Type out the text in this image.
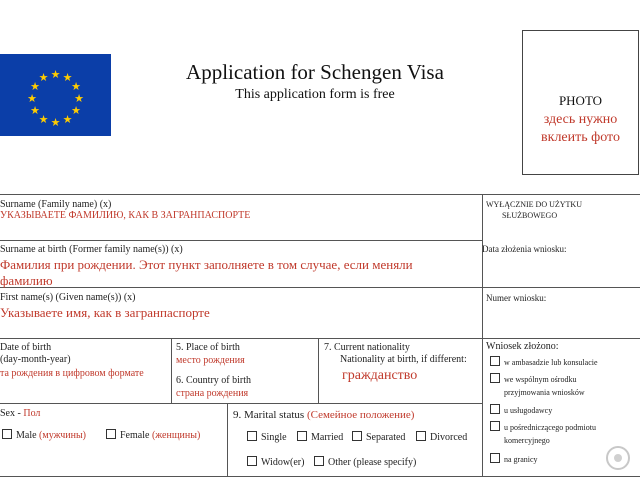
★ ★
★
★
★
★
★
★
★
★
★
★	Application for Schengen Visa
This application form is free	PHOTO
здесь нужно
вклеить фото
Surname (Family name) (x)
УКАЗЫВАЕТЕ ФАМИЛИЮ, КАК В ЗАГРАНПАСПОРТЕ
Surname at birth (Former family name(s)) (x)
Фамилия при рождении. Этот пункт заполняете в том случае, если меняли
фамилию
First name(s) (Given name(s)) (x)
Указываете имя, как в загранпаспорте
Date of birth
(day-month-year)
та рождения в цифровом формате
5. Place of birth
место рождения
6. Country of birth
страна рождения
7. Current nationality
Nationality at birth, if different:
гражданство
Sex - Пол
Male (мужчины)	Female (женщины)
9. Marital status (Семейное положение)
Single	Married	Separated	Divorced
Widow(er)	Other (please specify)
WYŁĄCZNIE DO UŻYTKU
SŁUŻBOWEGO
Data złożenia wniosku:
Numer wniosku:
Wniosek złożono:
w ambasadzie lub konsulacie
we wspólnym ośrodku
przyjmowania wniosków
u usługodawcy
u pośredniczącego podmiotu
komercyjnego
na granicy
